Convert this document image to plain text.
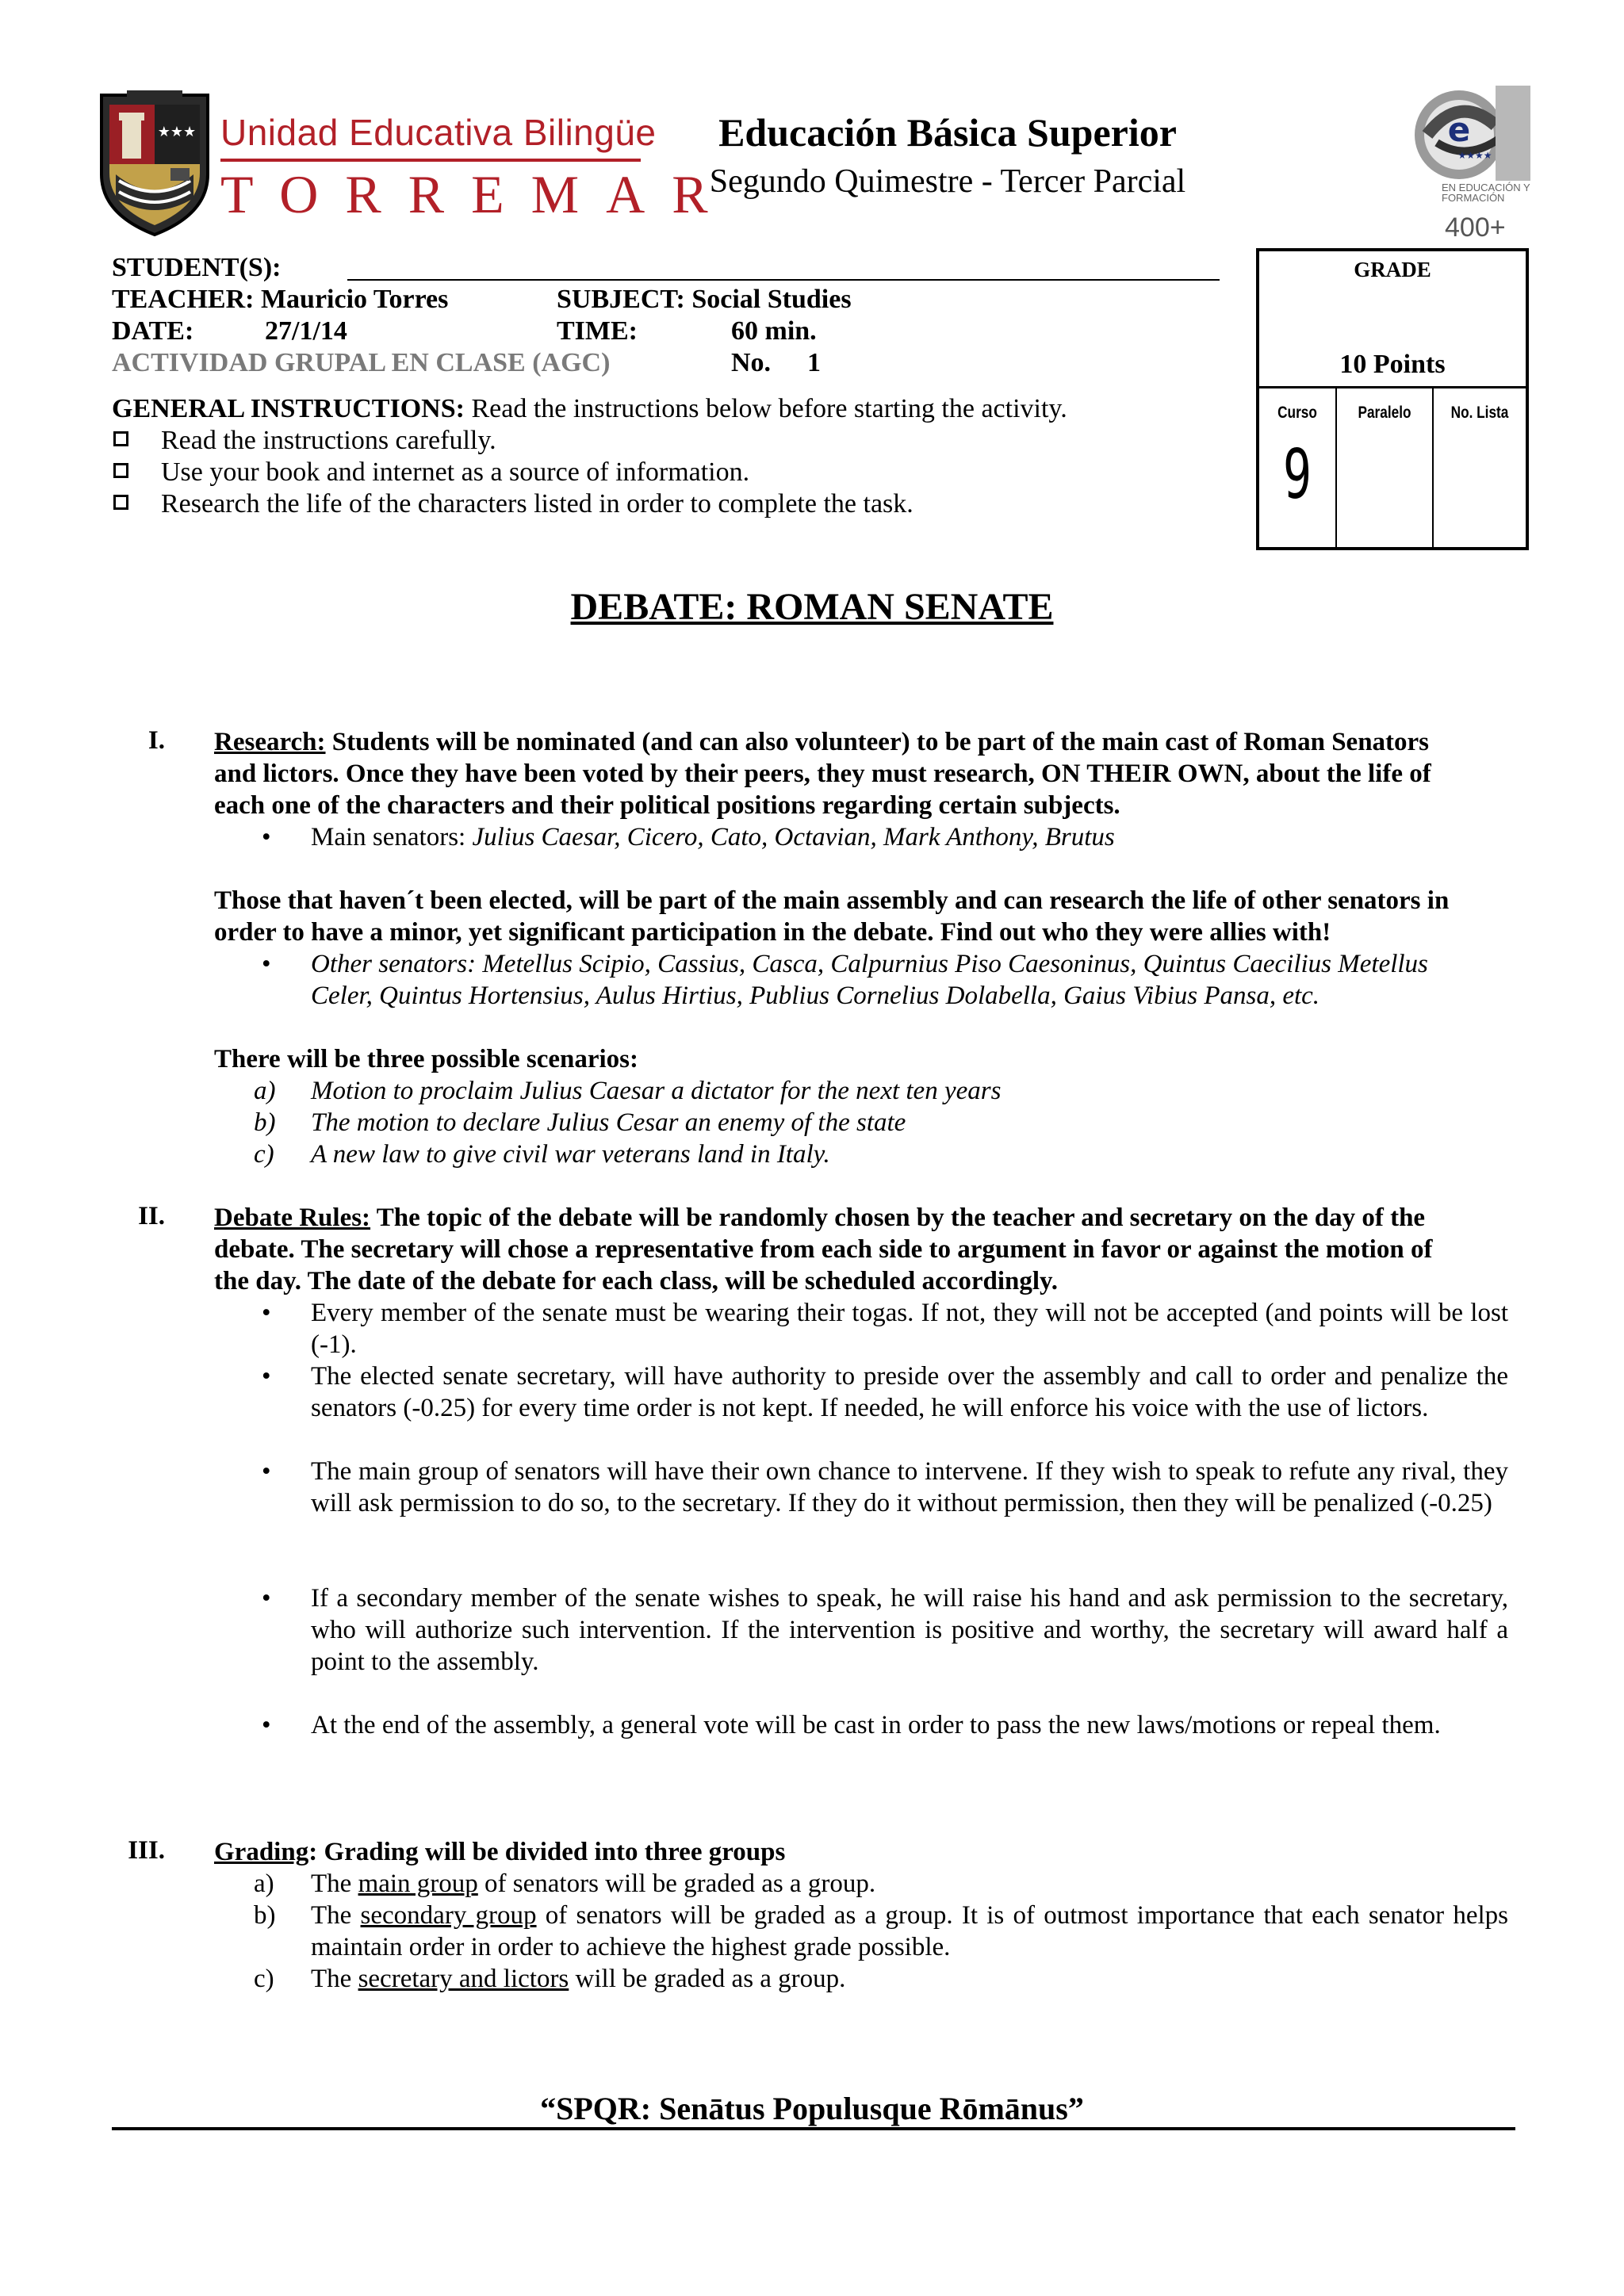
★★★ Unidad Educativa Bilingüe
TORREMAR
Educación Básica Superior
Segundo Quimestre - Tercer Parcial
e
★★★★
EN EDUCACIÓN Y FORMACIÓN
400+
STUDENT(S):
TEACHER: Mauricio Torres	SUBJECT: Social Studies
DATE:	27/1/14	TIME:	60 min.
ACTIVIDAD GRUPAL EN CLASE (AGC)	No. 1
GRADE
10 Points
Curso	Paralelo	No. Lista
9
GENERAL INSTRUCTIONS: Read the instructions below before starting the activity.
Read the instructions carefully.
Use your book and internet as a source of information.
Research the life of the characters listed in order to complete the task.
DEBATE: ROMAN SENATE
I. Research: Students will be nominated (and can also volunteer) to be part of the main cast of Roman Senators
and lictors. Once they have been voted by their peers, they must research, ON THEIR OWN, about the life of
each one of the characters and their political positions regarding certain subjects.
•	Main senators: Julius Caesar, Cicero, Cato, Octavian, Mark Anthony, Brutus
Those that haven´t been elected, will be part of the main assembly and can research the life of other senators in
order to have a minor, yet significant participation in the debate. Find out who they were allies with!
•	Other senators: Metellus Scipio, Cassius, Casca, Calpurnius Piso Caesoninus, Quintus Caecilius Metellus
Celer, Quintus Hortensius, Aulus Hirtius, Publius Cornelius Dolabella, Gaius Vibius Pansa, etc.
There will be three possible scenarios:
a)	Motion to proclaim Julius Caesar a dictator for the next ten years
b)	The motion to declare Julius Cesar an enemy of the state
c)	A new law to give civil war veterans land in Italy.
II. Debate Rules: The topic of the debate will be randomly chosen by the teacher and secretary on the day of the
debate. The secretary will chose a representative from each side to argument in favor or against the motion of
the day. The date of the debate for each class, will be scheduled accordingly.
•	Every member of the senate must be wearing their togas. If not, they will not be accepted (and points will be lost (-1).
•	The elected senate secretary, will have authority to preside over the assembly and call to order and penalize the senators (-0.25) for every time order is not kept. If needed, he will enforce his voice with the use of lictors.
•	The main group of senators will have their own chance to intervene. If they wish to speak to refute any rival, they will ask permission to do so, to the secretary. If they do it without permission, then they will be penalized (-0.25)
•	If a secondary member of the senate wishes to speak, he will raise his hand and ask permission to the secretary, who will authorize such intervention. If the intervention is positive and worthy, the secretary will award half a point to the assembly.
•	At the end of the assembly, a general vote will be cast in order to pass the new laws/motions or repeal them.
III. Grading: Grading will be divided into three groups
a)	The main group of senators will be graded as a group.
b)	The secondary group of senators will be graded as a group. It is of outmost importance that each senator helps maintain order in order to achieve the highest grade possible.
c)	The secretary and lictors will be graded as a group.
“SPQR: Senātus Populusque Rōmānus”
